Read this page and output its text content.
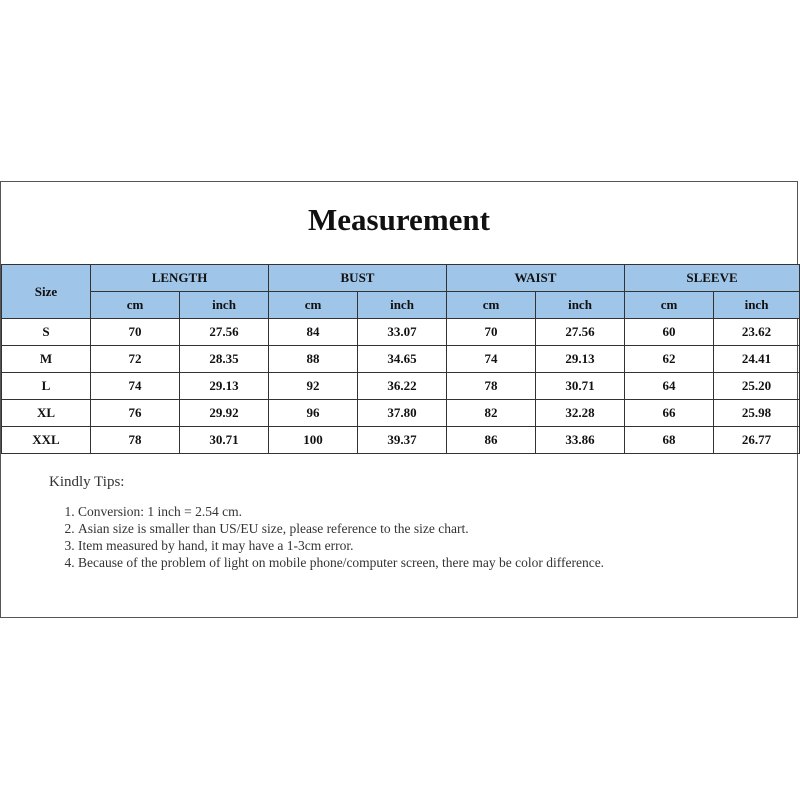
Measurement
Size	LENGTH		BUST		WAIST		SLEEVE	
	cm	inch	cm	inch	cm	inch	cm	inch
S	70	27.56	84	33.07	70	27.56	60	23.62
M	72	28.35	88	34.65	74	29.13	62	24.41
L	74	29.13	92	36.22	78	30.71	64	25.20
XL	76	29.92	96	37.80	82	32.28	66	25.98
XXL	78	30.71	100	39.37	86	33.86	68	26.77
Kindly Tips:
1. Conversion: 1 inch = 2.54 cm.
2. Asian size is smaller than US/EU size, please reference to the size chart.
3. Item measured by hand, it may have a 1-3cm error.
4. Because of the problem of light on mobile phone/computer screen, there may be color difference.
